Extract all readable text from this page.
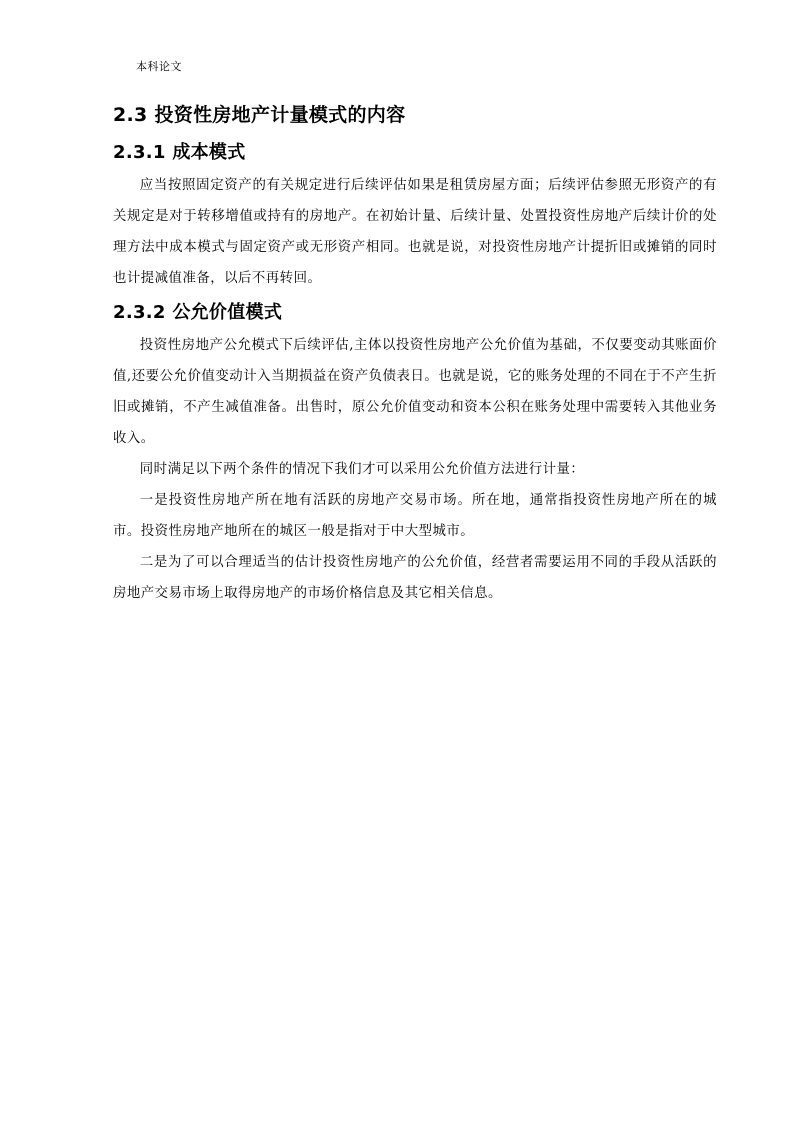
本科论文
2.3 投资性房地产计量模式的内容
2.3.1 成本模式

应当按照固定资产的有关规定进行后续评估如果是租赁房屋方面；后续评估参照无形资产的有关规定是对于转移增值或持有的房地产。在初始计量、后续计量、处置投资性房地产后续计价的处理方法中成本模式与固定资产或无形资产相同。也就是说，对投资性房地产计提折旧或摊销的同时也计提减值准备，以后不再转回。

2.3.2 公允价值模式

投资性房地产公允模式下后续评估,主体以投资性房地产公允价值为基础，不仅要变动其账面价值,还要公允价值变动计入当期损益在资产负债表日。也就是说，它的账务处理的不同在于不产生折旧或摊销，不产生减值准备。出售时，原公允价值变动和资本公积在账务处理中需要转入其他业务收入。

同时满足以下两个条件的情况下我们才可以采用公允价值方法进行计量：

一是投资性房地产所在地有活跃的房地产交易市场。所在地，通常指投资性房地产所在的城市。投资性房地产地所在的城区一般是指对于中大型城市。

二是为了可以合理适当的估计投资性房地产的公允价值，经营者需要运用不同的手段从活跃的房地产交易市场上取得房地产的市场价格信息及其它相关信息。
